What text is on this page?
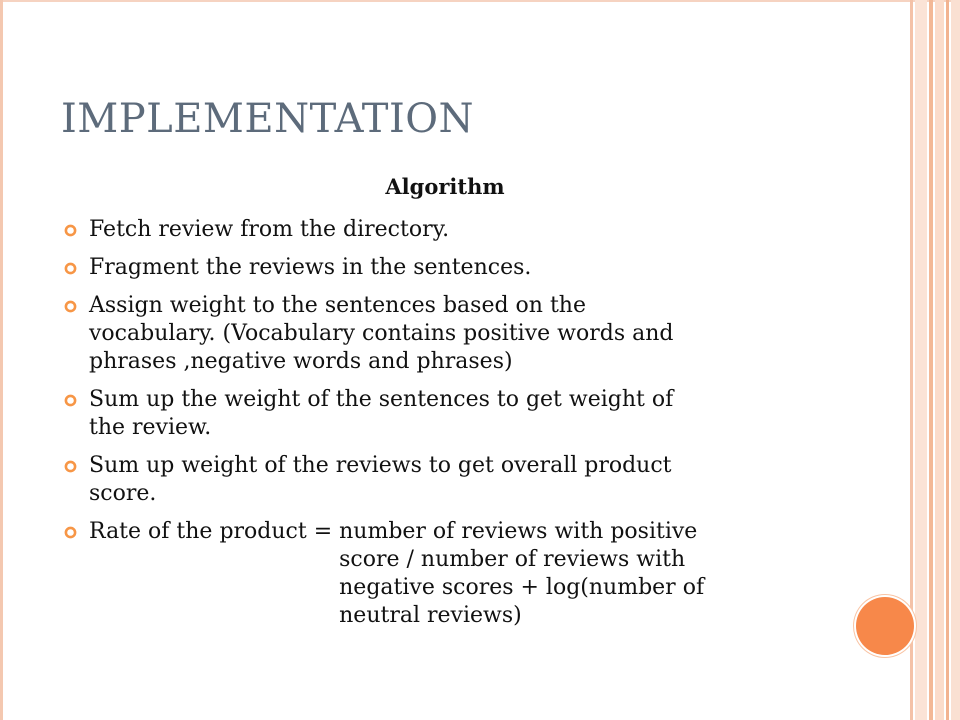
IMPLEMENTATION
Algorithm
Fetch review from the directory.
Fragment the reviews in the sentences.
Assign weight to the sentences based on the
vocabulary. (Vocabulary contains positive words and
phrases ,negative words and phrases)
Sum up the weight of the sentences to get weight of
the review.
Sum up weight of the reviews to get overall product
score.
Rate of the product = number of reviews with positive
score / number of reviews with
negative scores + log(number of
neutral reviews)
